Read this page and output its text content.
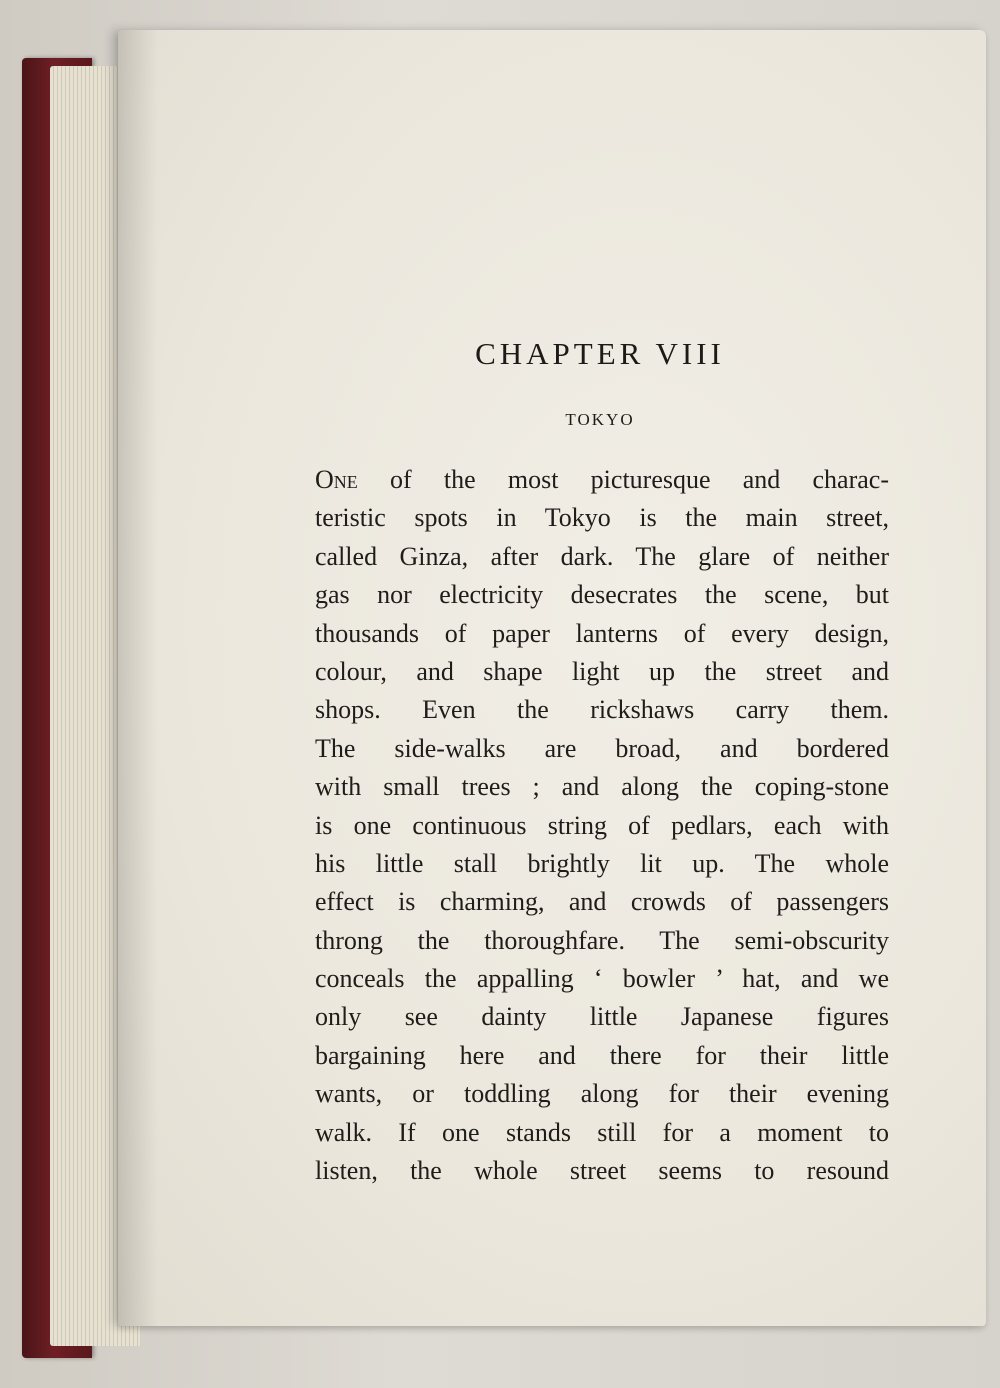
CHAPTER VIII
TOKYO
One of the most picturesque and charac-
teristic spots in Tokyo is the main street,
called Ginza, after dark. The glare of neither
gas nor electricity desecrates the scene, but
thousands of paper lanterns of every design,
colour, and shape light up the street and
shops. Even the rickshaws carry them.
The side-walks are broad, and bordered
with small trees ; and along the coping-stone
is one continuous string of pedlars, each with
his little stall brightly lit up. The whole
effect is charming, and crowds of passengers
throng the thoroughfare. The semi-obscurity
conceals the appalling ‘ bowler ’ hat, and we
only see dainty little Japanese figures
bargaining here and there for their little
wants, or toddling along for their evening
walk. If one stands still for a moment to
listen, the whole street seems to resound
